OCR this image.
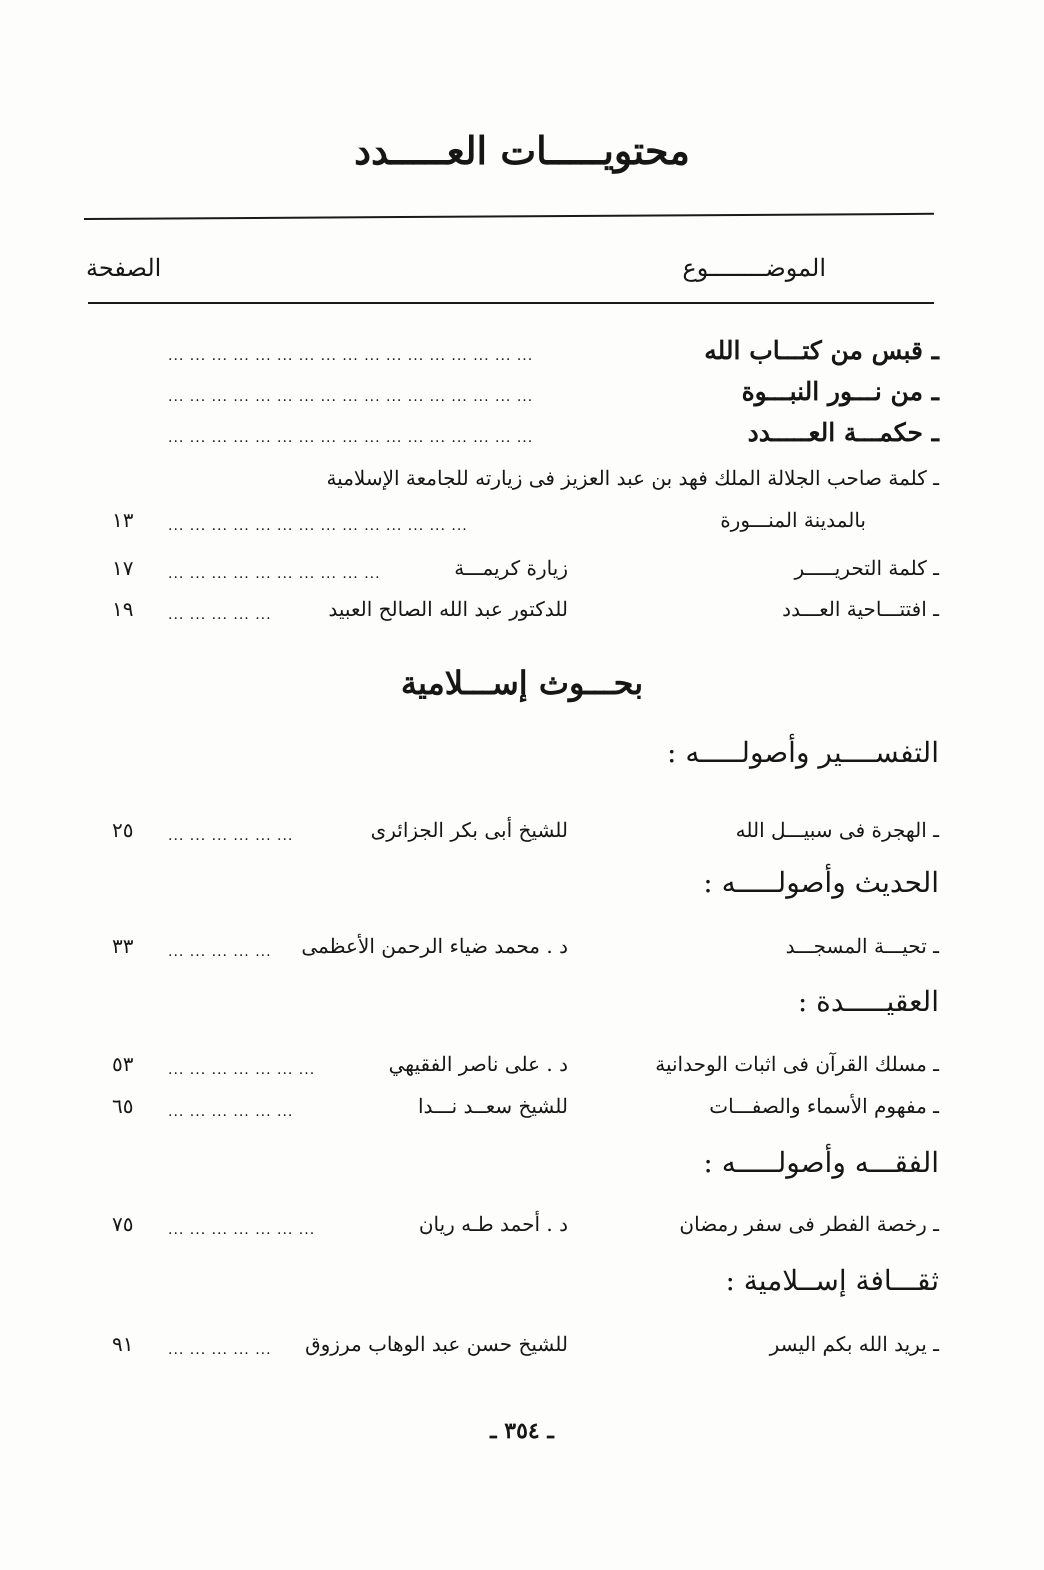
محتويـــــات العـــــدد
الموضــــــــوع
الصفحة
ـ قبس من كتـــاب الله
... ... ... ... ... ... ... ... ... ... ... ... ... ... ... ... ...
ـ من نـــور النبـــوة
... ... ... ... ... ... ... ... ... ... ... ... ... ... ... ... ...
ـ حكمـــة العـــــدد
... ... ... ... ... ... ... ... ... ... ... ... ... ... ... ... ...
ـ كلمة صاحب الجلالة الملك فهد بن عبد العزيز فى زيارته للجامعة الإسلامية
بالمدينة المنـــورة
... ... ... ... ... ... ... ... ... ... ... ... ... ...
١٣
ـ كلمة التحريـــــر
زيارة كريمـــة
... ... ... ... ... ... ... ... ... ...
١٧
ـ افتتـــاحية العـــدد
للدكتور عبد الله الصالح العبيد
... ... ... ... ...
١٩
بحـــوث إســـلامية
التفســــير وأصولـــــه :
ـ الهجرة فى سبيـــل الله
للشيخ أبى بكر الجزائرى
... ... ... ... ... ...
٢٥
الحديث وأصولـــــه :
ـ تحيـــة المسجـــد
د . محمد ضياء الرحمن الأعظمى
... ... ... ... ...
٣٣
العقيـــــدة :
ـ مسلك القرآن فى اثبات الوحدانية
د . على ناصر الفقيهي
... ... ... ... ... ... ...
٥٣
ـ مفهوم الأسماء والصفـــات
للشيخ سعــد نـــدا
... ... ... ... ... ...
٦٥
الفقـــه وأصولـــــه :
ـ رخصة الفطر فى سفر رمضان
د . أحمد طـه ريان
... ... ... ... ... ... ...
٧٥
ثقـــافة إســلامية :
ـ يريد الله بكم اليسر
للشيخ حسن عبد الوهاب مرزوق
... ... ... ... ...
٩١
ـ ٣٥٤ ـ
